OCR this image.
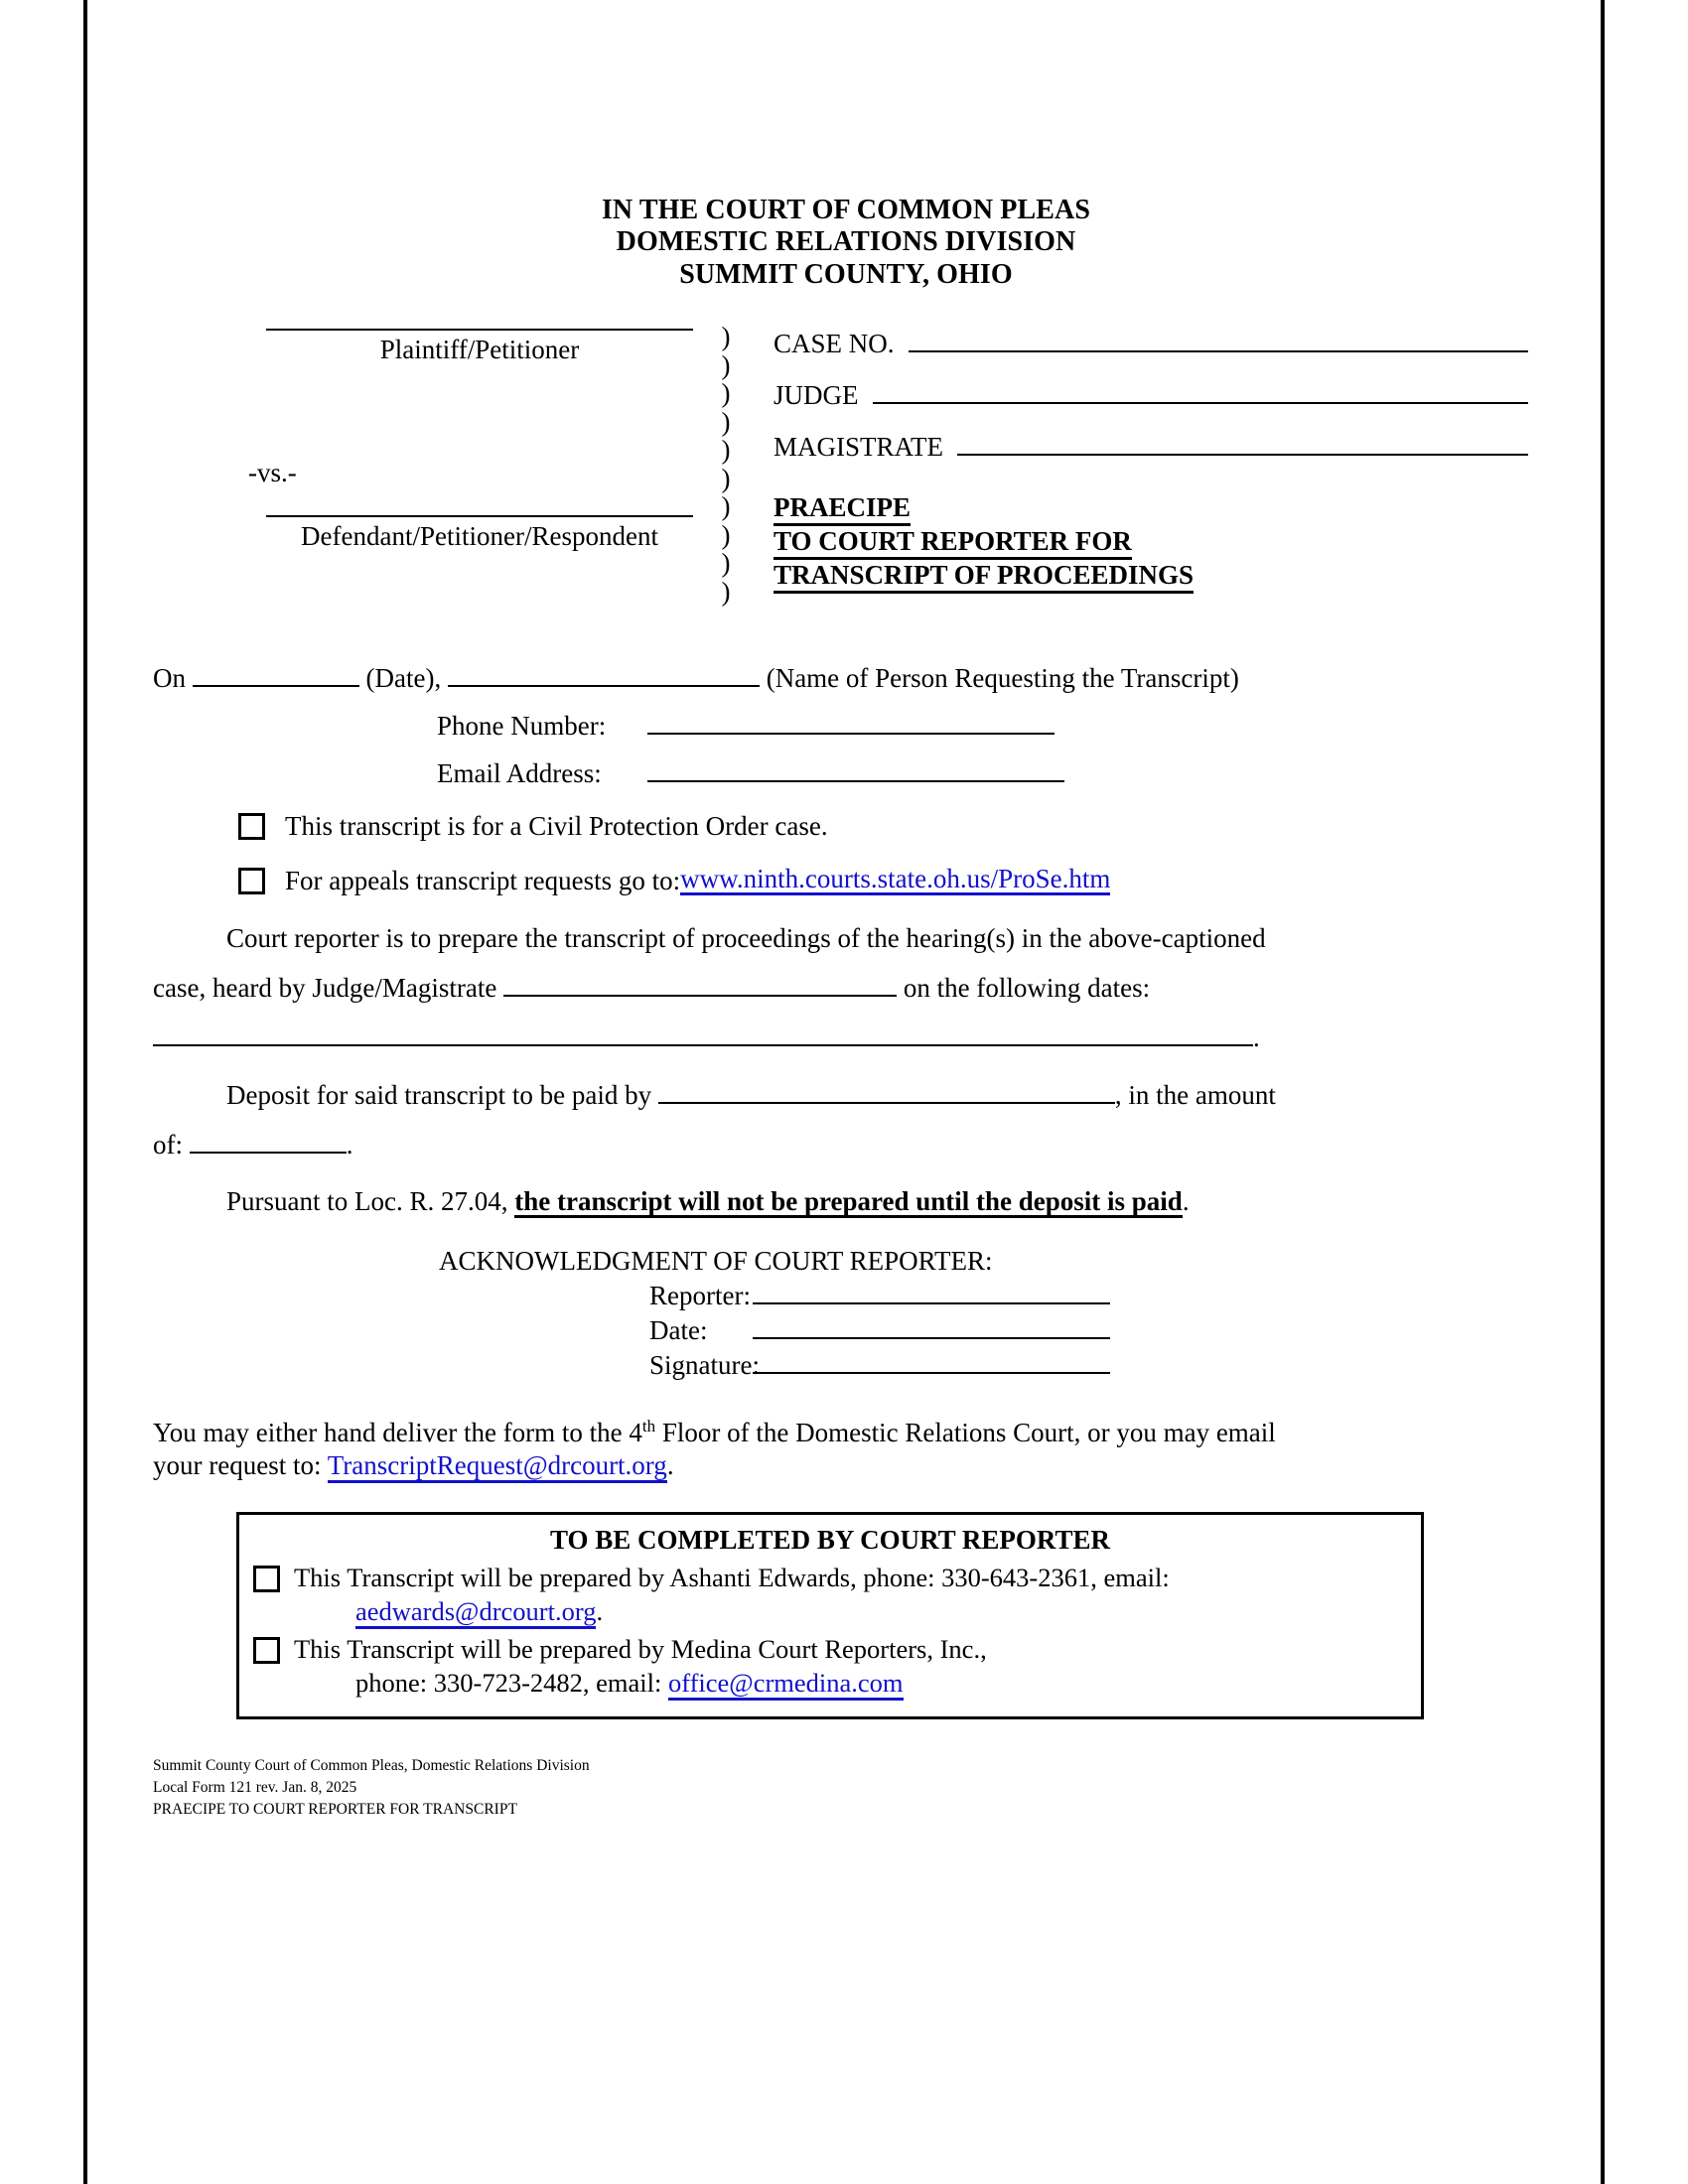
IN THE COURT OF COMMON PLEAS
DOMESTIC RELATIONS DIVISION
SUMMIT COUNTY, OHIO
Plaintiff/Petitioner
Defendant/Petitioner/Respondent
-vs.-
)
)
)
)
)
)
)
)
)
)
CASE NO.
JUDGE
MAGISTRATE
PRAECIPE
TO COURT REPORTER FOR
TRANSCRIPT OF PROCEEDINGS
On	(Date),	(Name of Person Requesting the Transcript)
Phone Number:
Email Address:
This transcript is for a Civil Protection Order case.
For appeals transcript requests go to: www.ninth.courts.state.oh.us/ProSe.htm
Court reporter is to prepare the transcript of proceedings of the hearing(s) in the above-captioned
case, heard by Judge/Magistrate	on the following dates:
.
Deposit for said transcript to be paid by	, in the amount
of:	.
Pursuant to Loc. R. 27.04, the transcript will not be prepared until the deposit is paid.
ACKNOWLEDGMENT OF COURT REPORTER:
Reporter:
Date:
Signature:
You may either hand deliver the form to the 4th Floor of the Domestic Relations Court, or you may email
your request to: TranscriptRequest@drcourt.org.
TO BE COMPLETED BY COURT REPORTER
This Transcript will be prepared by Ashanti Edwards, phone: 330-643-2361, email:
aedwards@drcourt.org.
This Transcript will be prepared by Medina Court Reporters, Inc.,
phone: 330-723-2482, email: office@crmedina.com
Summit County Court of Common Pleas, Domestic Relations Division
Local Form 121 rev. Jan. 8, 2025
PRAECIPE TO COURT REPORTER FOR TRANSCRIPT
